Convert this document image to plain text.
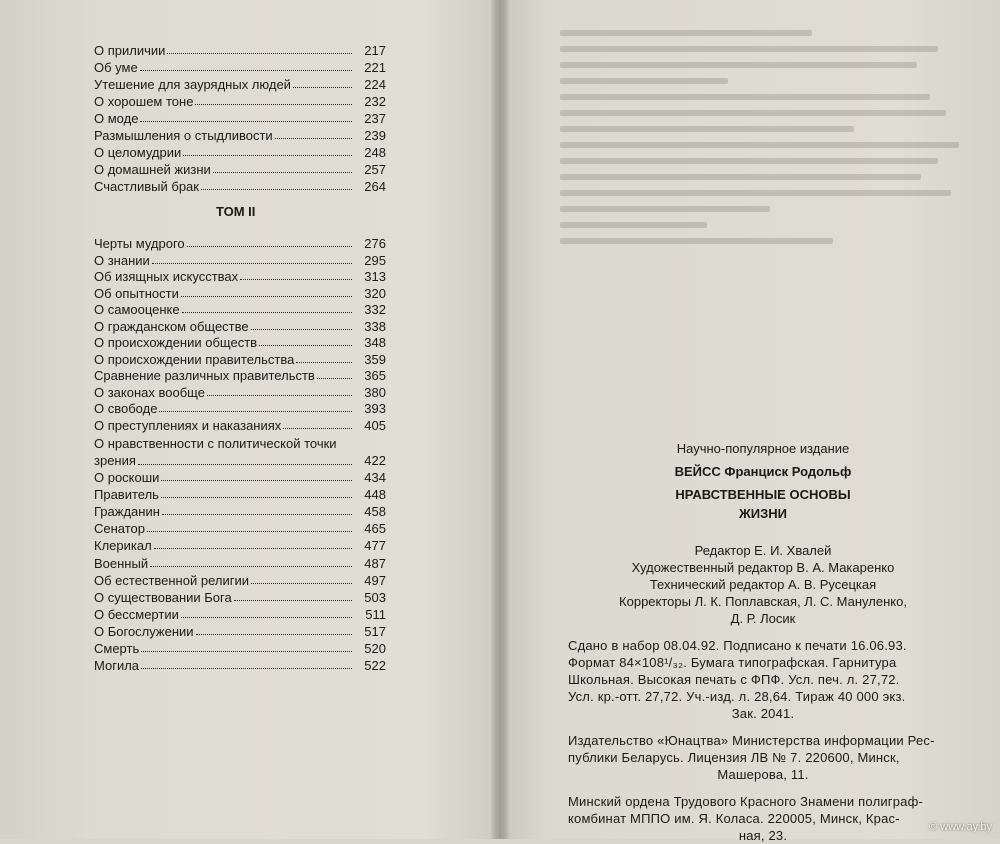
О приличии	217
Об уме	221
Утешение для заурядных людей	224
О хорошем тоне	232
О моде	237
Размышления о стыдливости	239
О целомудрии	248
О домашней жизни	257
Счастливый брак	264
Черты мудрого	276
О знании	295
Об изящных искусствах	313
Об опытности	320
О самооценке	332
О гражданском обществе	338
О происхождении обществ	348
О происхождении правительства	359
Сравнение различных правительств	365
О законах вообще	380
О свободе	393
О преступлениях и наказаниях	405
О нравственности с политической точки
зрения	422
О роскоши	434
Правитель	448
Гражданин	458
Сенатор	465
Клерикал	477
Военный	487
Об естественной религии	497
О существовании Бога	503
О бессмертии	511
О Богослужении	517
Смерть	520
Могила	522
ТОМ II
Научно-популярное издание
ВЕЙСС Франциск Родольф
НРАВСТВЕННЫЕ ОСНОВЫ
ЖИЗНИ
Редактор Е. И. Хвалей
Художественный редактор В. А. Макаренко
Технический редактор А. В. Русецкая
Корректоры Л. К. Поплавская, Л. С. Мануленко,
Д. Р. Лосик
Сдано в набор 08.04.92. Подписано к печати 16.06.93.
Формат 84×108¹/₃₂. Бумага типографская. Гарнитура
Школьная. Высокая печать с ФПФ. Усл. печ. л. 27,72.
Усл. кр.-отт. 27,72. Уч.-изд. л. 28,64. Тираж 40 000 экз.
Зак. 2041.
Издательство «Юнацтва» Министерства информации Рес-
публики Беларусь. Лицензия ЛВ № 7. 220600, Минск,
Машерова, 11.
Минский ордена Трудового Красного Знамени полиграф-
комбинат МППО им. Я. Коласа. 220005, Минск, Крас-
ная, 23.
© www.ay.by
